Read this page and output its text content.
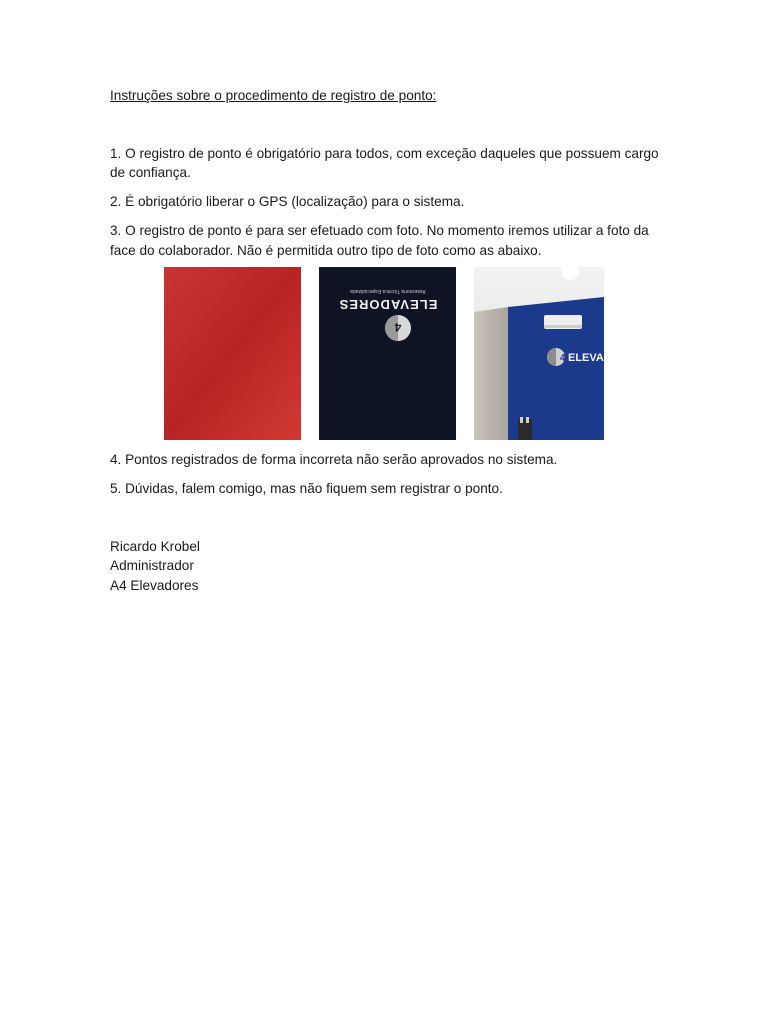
Instruções sobre o procedimento de registro de ponto:

1. O registro de ponto é obrigatório para todos, com exceção daqueles que possuem cargo de confiança.

2. É obrigatório liberar o GPS (localização) para o sistema.

3. O registro de ponto é para ser efetuado com foto. No momento iremos utilizar a foto da face do colaborador. Não é permitida outro tipo de foto como as abaixo.

4
ELEVADORES
Assessoria Técnica Especializada
4 ELEVA

4. Pontos registrados de forma incorreta não serão aprovados no sistema.

5. Dúvidas, falem comigo, mas não fiquem sem registrar o ponto.

Ricardo Krobel

Administrador

A4 Elevadores
